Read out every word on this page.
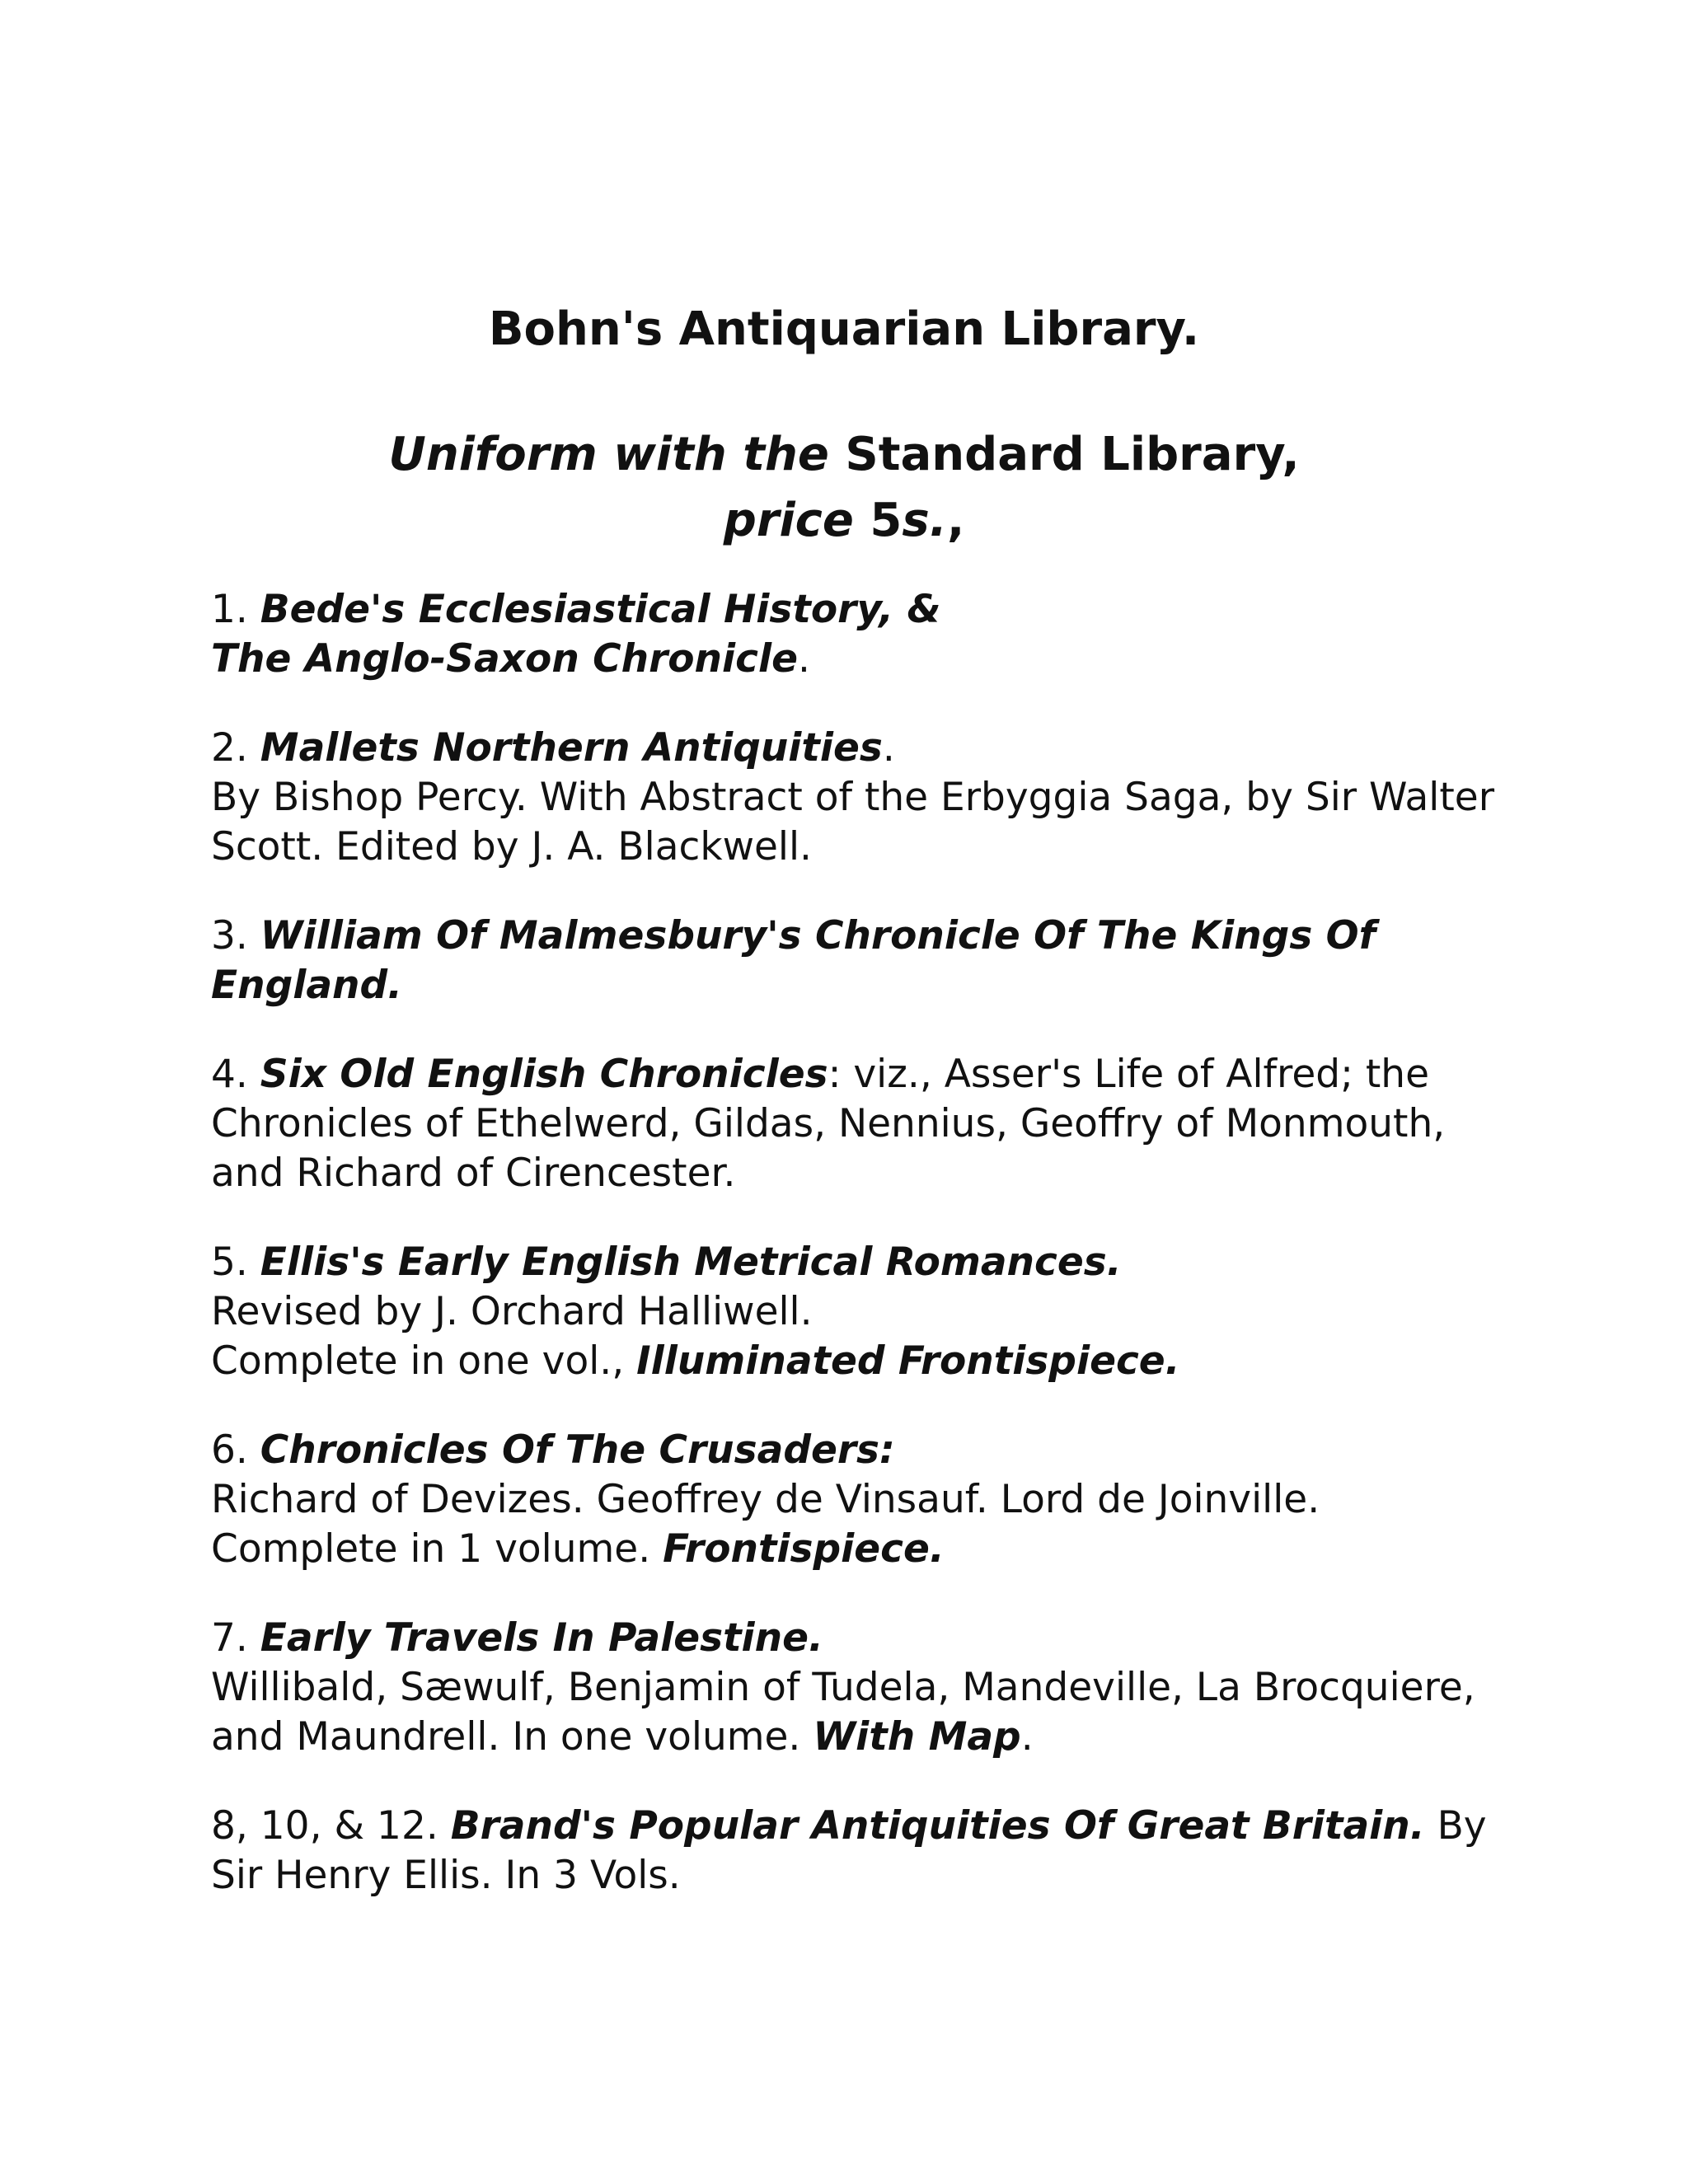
Bohn's Antiquarian Library.
Uniform with the Standard Library,
price 5s.,
1. Bede's Ecclesiastical History, &
The Anglo-Saxon Chronicle.
2. Mallets Northern Antiquities.
By Bishop Percy. With Abstract of the Erbyggia Saga, by Sir Walter Scott. Edited by J. A. Blackwell.
3. William Of Malmesbury's Chronicle Of The Kings Of England.
4. Six Old English Chronicles: viz., Asser's Life of Alfred; the Chronicles of Ethelwerd, Gildas, Nennius, Geoffry of Monmouth, and Richard of Cirencester.
5. Ellis's Early English Metrical Romances.
Revised by J. Orchard Halliwell.
Complete in one vol., Illuminated Frontispiece.
6. Chronicles Of The Crusaders:
Richard of Devizes. Geoffrey de Vinsauf. Lord de Joinville. Complete in 1 volume. Frontispiece.
7. Early Travels In Palestine.
Willibald, Sæwulf, Benjamin of Tudela, Mandeville, La Brocquiere, and Maundrell. In one volume. With Map.
8, 10, & 12. Brand's Popular Antiquities Of Great Britain. By Sir Henry Ellis. In 3 Vols.
